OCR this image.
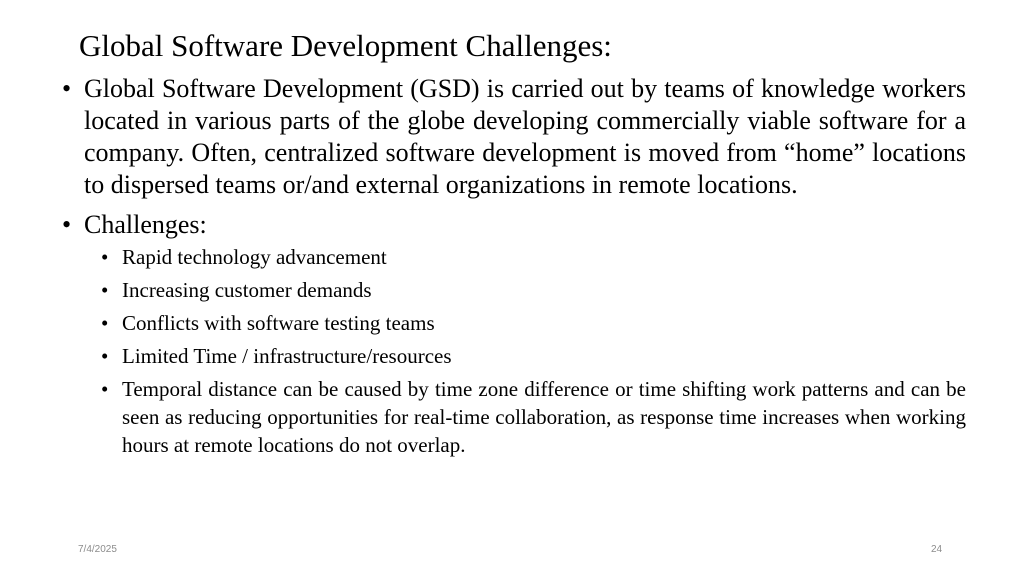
Global Software Development Challenges:
• Global Software Development (GSD) is carried out by teams of knowledge workers located in various parts of the globe developing commercially viable software for a company. Often, centralized software development is moved from “home” locations to dispersed teams or/and external organizations in remote locations.
• Challenges:
• Rapid technology advancement
• Increasing customer demands
• Conflicts with software testing teams
• Limited Time / infrastructure/resources
• Temporal distance can be caused by time zone difference or time shifting work patterns and can be seen as reducing opportunities for real-time collaboration, as response time increases when working hours at remote locations do not overlap.
7/4/2025	24
